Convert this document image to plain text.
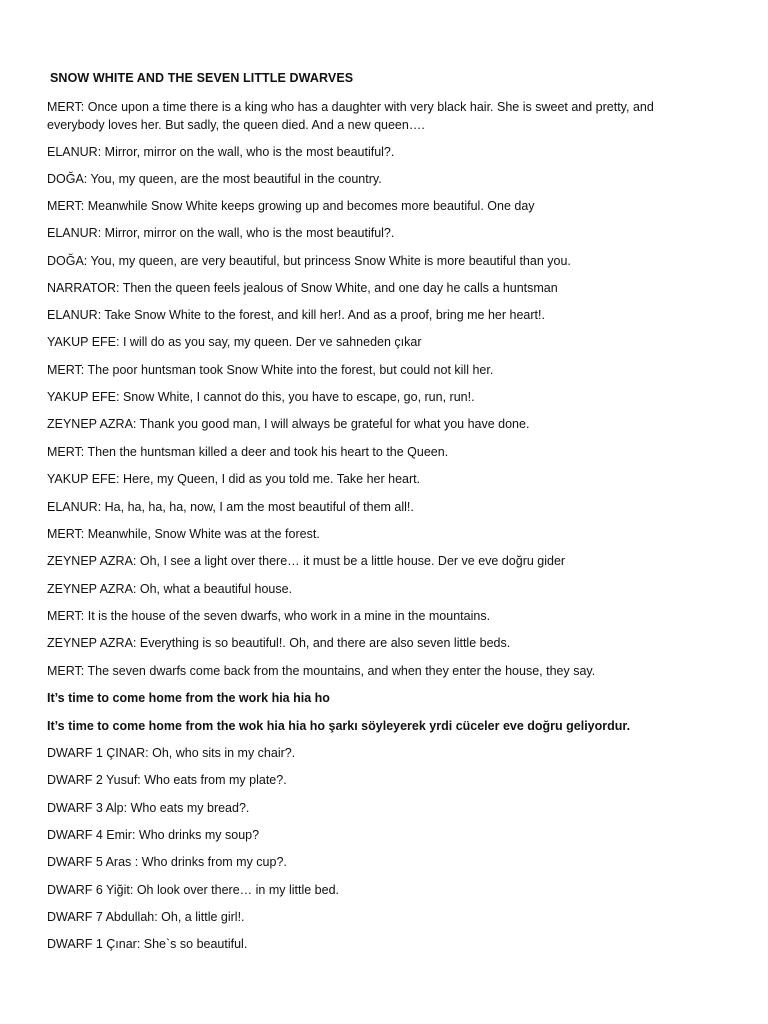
SNOW WHITE AND THE SEVEN LITTLE DWARVES
MERT: Once upon a time there is a king who has a daughter with very black hair. She is sweet and pretty, and everybody loves her. But sadly, the queen died. And a new queen….
ELANUR: Mirror, mirror on the wall, who is the most beautiful?.
DOĞA: You, my queen, are the most beautiful in the country.
MERT: Meanwhile Snow White keeps growing up and becomes more beautiful. One day
ELANUR: Mirror, mirror on the wall, who is the most beautiful?.
DOĞA: You, my queen, are very beautiful, but princess Snow White is more beautiful than you.
NARRATOR: Then the queen feels jealous of Snow White, and one day he calls a huntsman
ELANUR: Take Snow White to the forest, and kill her!. And as a proof, bring me her heart!.
YAKUP EFE: I will do as you say, my queen. Der ve sahneden çıkar
MERT: The poor huntsman took Snow White into the forest, but could not kill her.
YAKUP EFE: Snow White, I cannot do this, you have to escape, go, run, run!.
ZEYNEP AZRA: Thank you good man, I will always be grateful for what you have done.
MERT: Then the huntsman killed a deer and took his heart to the Queen.
YAKUP EFE: Here, my Queen, I did as you told me. Take her heart.
ELANUR: Ha, ha, ha, ha, now, I am the most beautiful of them all!.
MERT: Meanwhile, Snow White was at the forest.
ZEYNEP AZRA: Oh, I see a light over there… it must be a little house. Der ve eve doğru gider
ZEYNEP AZRA: Oh, what a beautiful house.
MERT: It is the house of the seven dwarfs, who work in a mine in the mountains.
ZEYNEP AZRA: Everything is so beautiful!. Oh, and there are also seven little beds.
MERT: The seven dwarfs come back from the mountains, and when they enter the house, they say.
It’s time to come home from the work hia hia ho
It’s time to come home from the wok hia hia ho şarkı söyleyerek yrdi cüceler eve doğru geliyordur.
DWARF 1 ÇINAR: Oh, who sits in my chair?.
DWARF 2 Yusuf: Who eats from my plate?.
DWARF 3 Alp: Who eats my bread?.
DWARF 4 Emir: Who drinks my soup?
DWARF 5 Aras : Who drinks from my cup?.
DWARF 6 Yiğit: Oh look over there… in my little bed.
DWARF 7 Abdullah: Oh, a little girl!.
DWARF 1 Çınar: She`s so beautiful.
